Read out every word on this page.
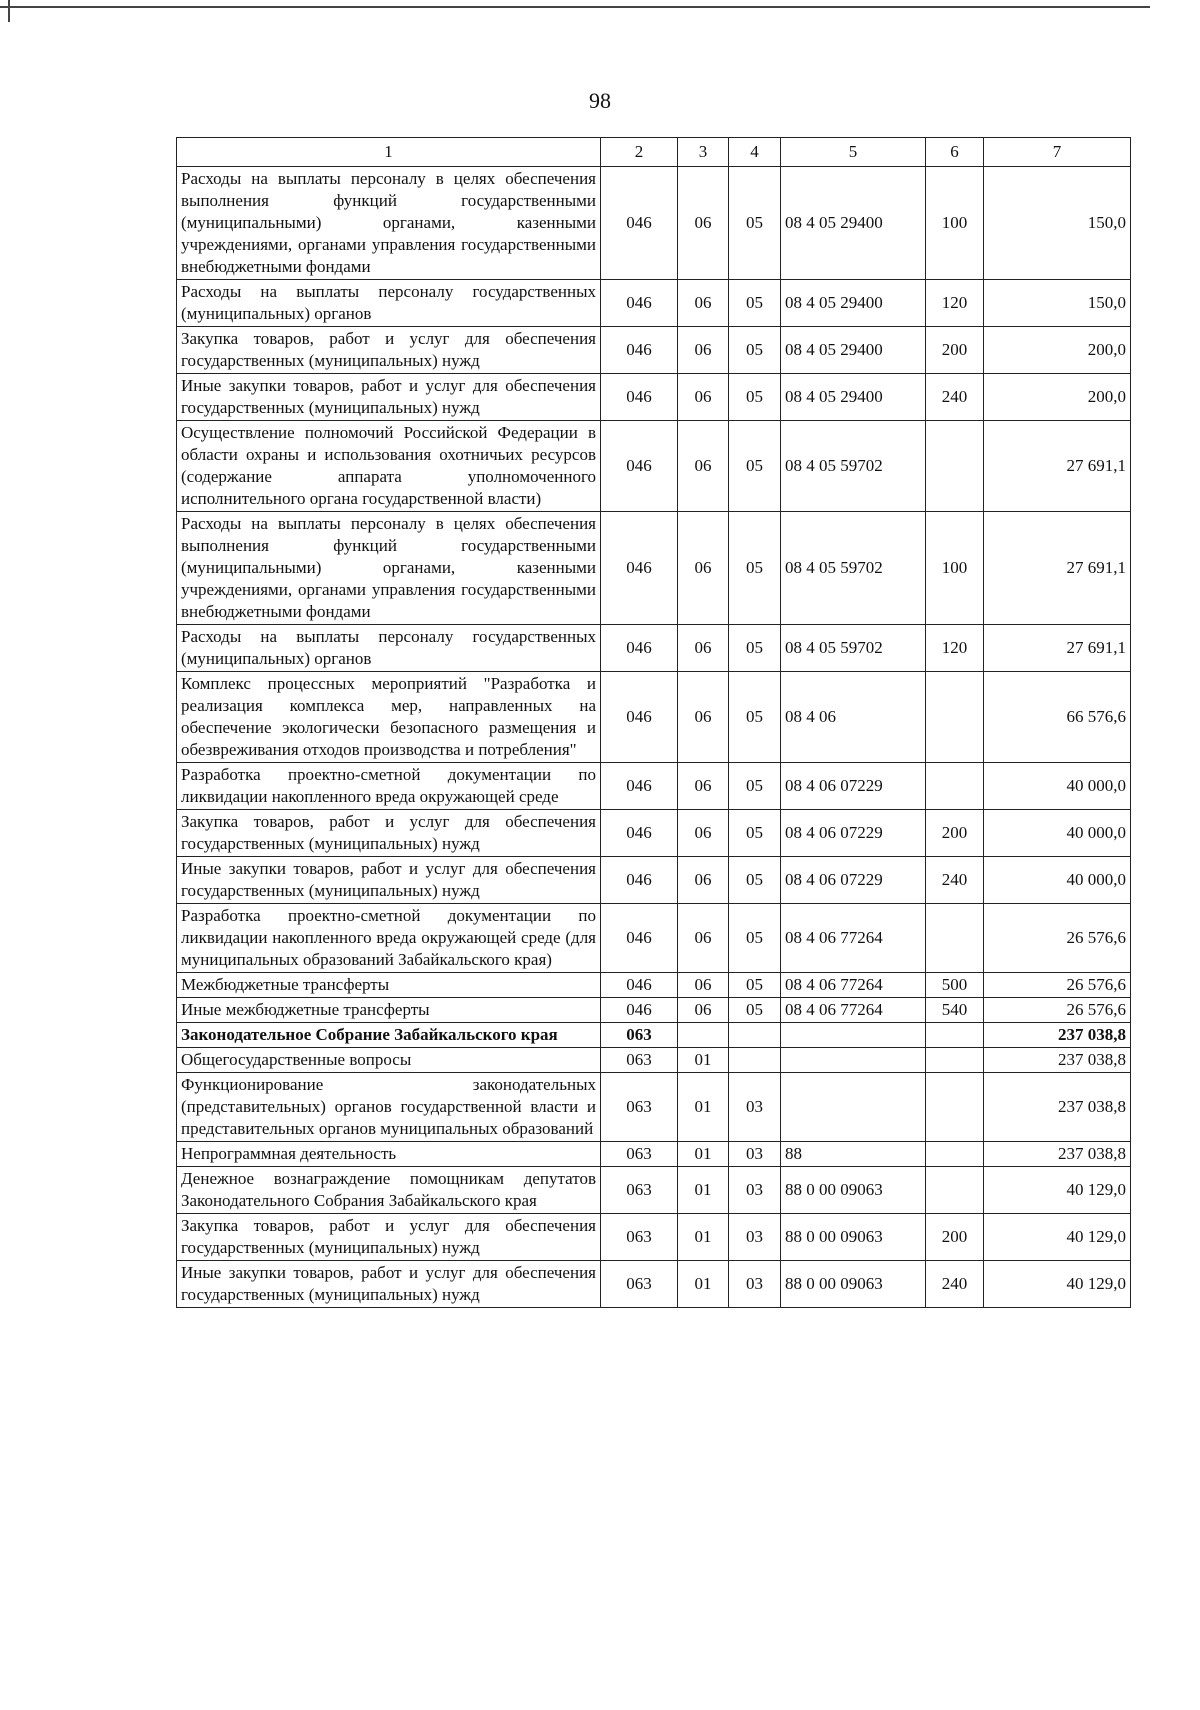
98
1	2	3	4	5	6	7
Расходы на выплаты персоналу в целях обеспечения выполнения функций государственными (муниципальными) органами, казенными учреждениями, органами управления государственными внебюджетными фондами	046	06	05	08 4 05 29400	100	150,0
Расходы на выплаты персоналу государственных (муниципальных) органов	046	06	05	08 4 05 29400	120	150,0
Закупка товаров, работ и услуг для обеспечения государственных (муниципальных) нужд	046	06	05	08 4 05 29400	200	200,0
Иные закупки товаров, работ и услуг для обеспечения государственных (муниципальных) нужд	046	06	05	08 4 05 29400	240	200,0
Осуществление полномочий Российской Федерации в области охраны и использования охотничьих ресурсов (содержание аппарата уполномоченного исполнительного органа государственной власти)	046	06	05	08 4 05 59702		27 691,1
Расходы на выплаты персоналу в целях обеспечения выполнения функций государственными (муниципальными) органами, казенными учреждениями, органами управления государственными внебюджетными фондами	046	06	05	08 4 05 59702	100	27 691,1
Расходы на выплаты персоналу государственных (муниципальных) органов	046	06	05	08 4 05 59702	120	27 691,1
Комплекс процессных мероприятий "Разработка и реализация комплекса мер, направленных на обеспечение экологически безопасного размещения и обезвреживания отходов производства и потребления"	046	06	05	08 4 06		66 576,6
Разработка проектно-сметной документации по ликвидации накопленного вреда окружающей среде	046	06	05	08 4 06 07229		40 000,0
Закупка товаров, работ и услуг для обеспечения государственных (муниципальных) нужд	046	06	05	08 4 06 07229	200	40 000,0
Иные закупки товаров, работ и услуг для обеспечения государственных (муниципальных) нужд	046	06	05	08 4 06 07229	240	40 000,0
Разработка проектно-сметной документации по ликвидации накопленного вреда окружающей среде (для муниципальных образований Забайкальского края)	046	06	05	08 4 06 77264		26 576,6
Межбюджетные трансферты	046	06	05	08 4 06 77264	500	26 576,6
Иные межбюджетные трансферты	046	06	05	08 4 06 77264	540	26 576,6
Законодательное Собрание Забайкальского края	063					237 038,8
Общегосударственные вопросы	063	01				237 038,8
Функционирование законодательных (представительных) органов государственной власти и представительных органов муниципальных образований	063	01	03			237 038,8
Непрограммная деятельность	063	01	03	88		237 038,8
Денежное вознаграждение помощникам депутатов Законодательного Собрания Забайкальского края	063	01	03	88 0 00 09063		40 129,0
Закупка товаров, работ и услуг для обеспечения государственных (муниципальных) нужд	063	01	03	88 0 00 09063	200	40 129,0
Иные закупки товаров, работ и услуг для обеспечения государственных (муниципальных) нужд	063	01	03	88 0 00 09063	240	40 129,0
